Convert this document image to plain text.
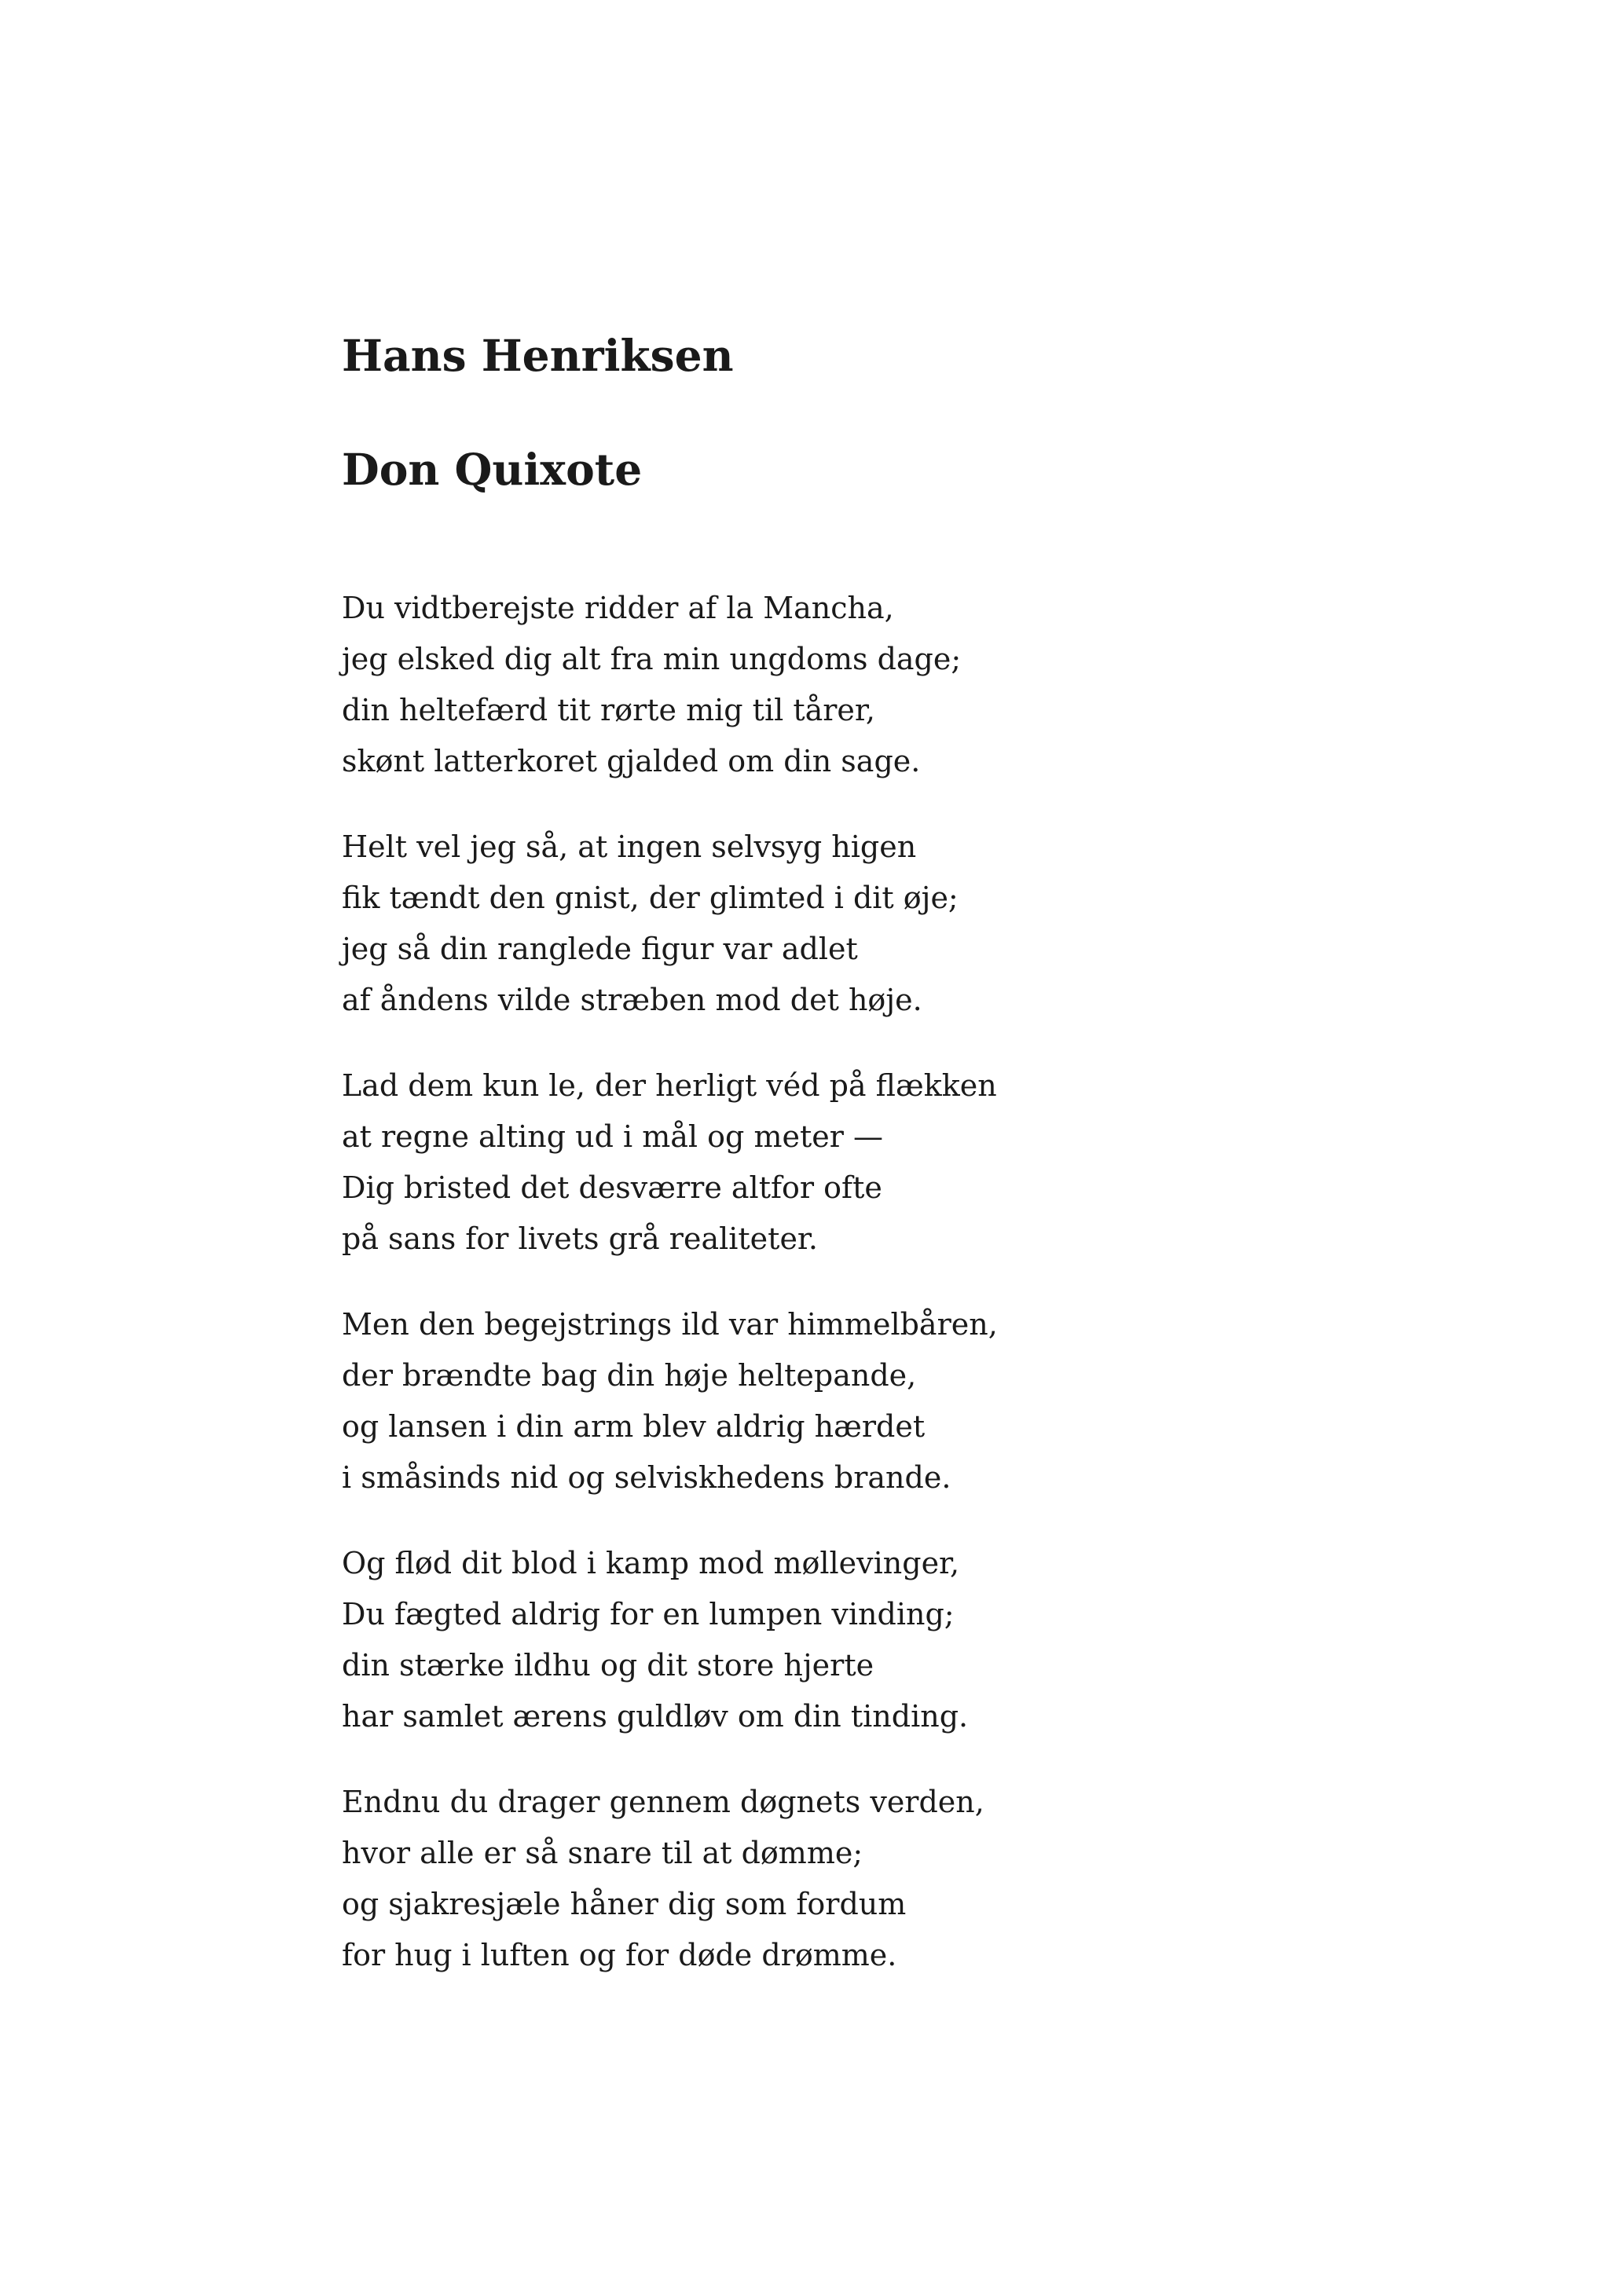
Hans Henriksen
Don Quixote
Du vidtberejste ridder af la Mancha,
jeg elsked dig alt fra min ungdoms dage;
din heltefærd tit rørte mig til tårer,
skønt latterkoret gjalded om din sage.
Helt vel jeg så, at ingen selvsyg higen
fik tændt den gnist, der glimted i dit øje;
jeg så din ranglede figur var adlet
af åndens vilde stræben mod det høje.
Lad dem kun le, der herligt véd på flækken
at regne alting ud i mål og meter —
Dig bristed det desværre altfor ofte
på sans for livets grå realiteter.
Men den begejstrings ild var himmelbåren,
der brændte bag din høje heltepande,
og lansen i din arm blev aldrig hærdet
i småsinds nid og selviskhedens brande.
Og flød dit blod i kamp mod møllevinger,
Du fægted aldrig for en lumpen vinding;
din stærke ildhu og dit store hjerte
har samlet ærens guldløv om din tinding.
Endnu du drager gennem døgnets verden,
hvor alle er så snare til at dømme;
og sjakresjæle håner dig som fordum
for hug i luften og for døde drømme.
